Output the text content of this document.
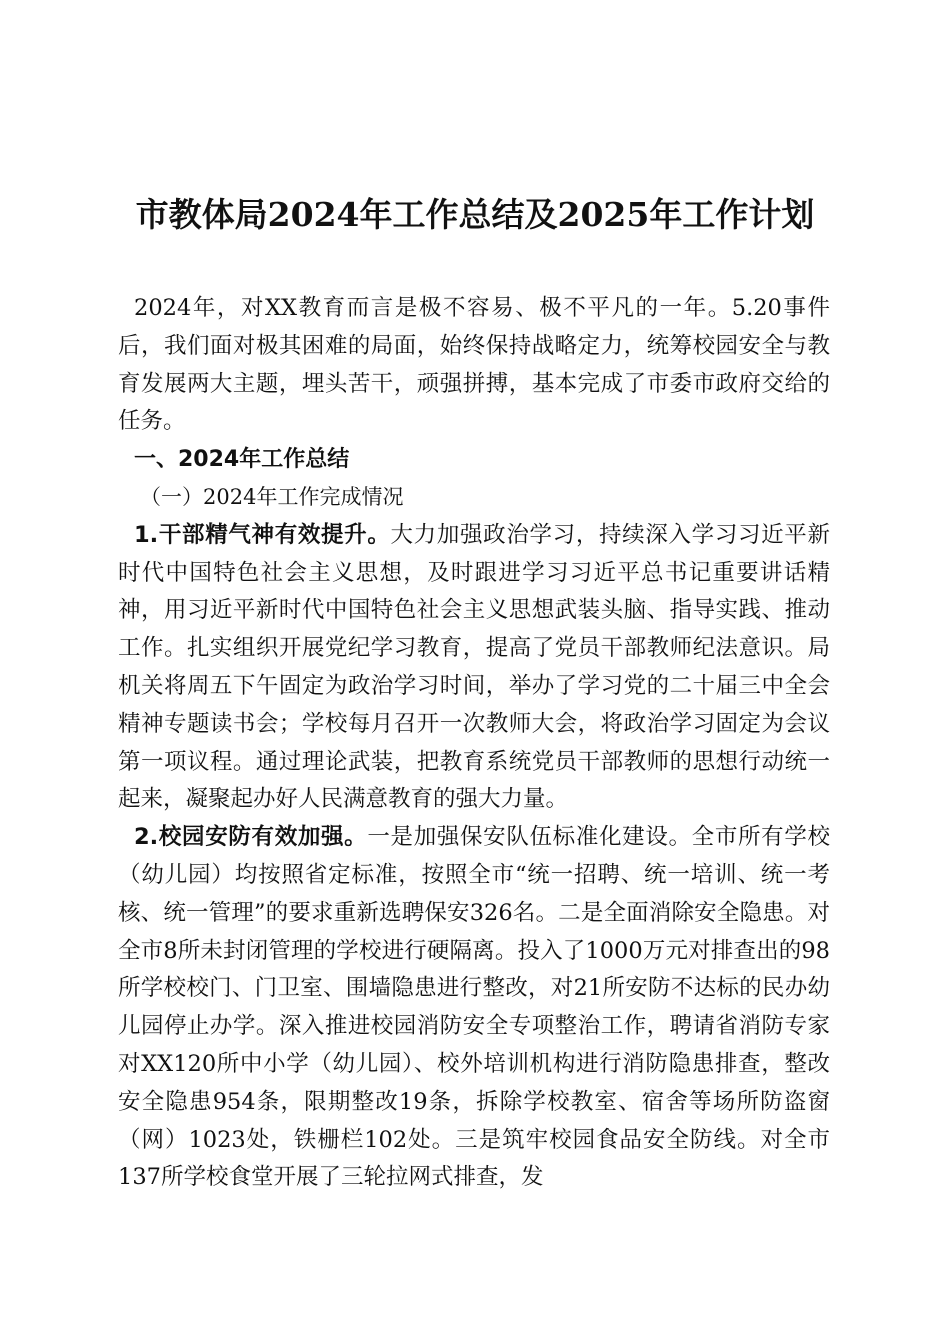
市教体局2024年工作总结及2025年工作计划

2024年，对XX教育而言是极不容易、极不平凡的一年。5.20事件后，我们面对极其困难的局面，始终保持战略定力，统筹校园安全与教育发展两大主题，埋头苦干，顽强拼搏，基本完成了市委市政府交给的任务。

一、2024年工作总结

（一）2024年工作完成情况

1.干部精气神有效提升。大力加强政治学习，持续深入学习习近平新时代中国特色社会主义思想，及时跟进学习习近平总书记重要讲话精神，用习近平新时代中国特色社会主义思想武装头脑、指导实践、推动工作。扎实组织开展党纪学习教育，提高了党员干部教师纪法意识。局机关将周五下午固定为政治学习时间，举办了学习党的二十届三中全会精神专题读书会；学校每月召开一次教师大会，将政治学习固定为会议第一项议程。通过理论武装，把教育系统党员干部教师的思想行动统一起来，凝聚起办好人民满意教育的强大力量。

2.校园安防有效加强。一是加强保安队伍标准化建设。全市所有学校（幼儿园）均按照省定标准，按照全市“统一招聘、统一培训、统一考核、统一管理”的要求重新选聘保安326名。二是全面消除安全隐患。对全市8所未封闭管理的学校进行硬隔离。投入了1000万元对排查出的98所学校校门、门卫室、围墙隐患进行整改，对21所安防不达标的民办幼儿园停止办学。深入推进校园消防安全专项整治工作，聘请省消防专家对XX120所中小学（幼儿园）、校外培训机构进行消防隐患排查，整改安全隐患954条，限期整改19条，拆除学校教室、宿舍等场所防盗窗（网）1023处，铁栅栏102处。三是筑牢校园食品安全防线。对全市137所学校食堂开展了三轮拉网式排查，发
